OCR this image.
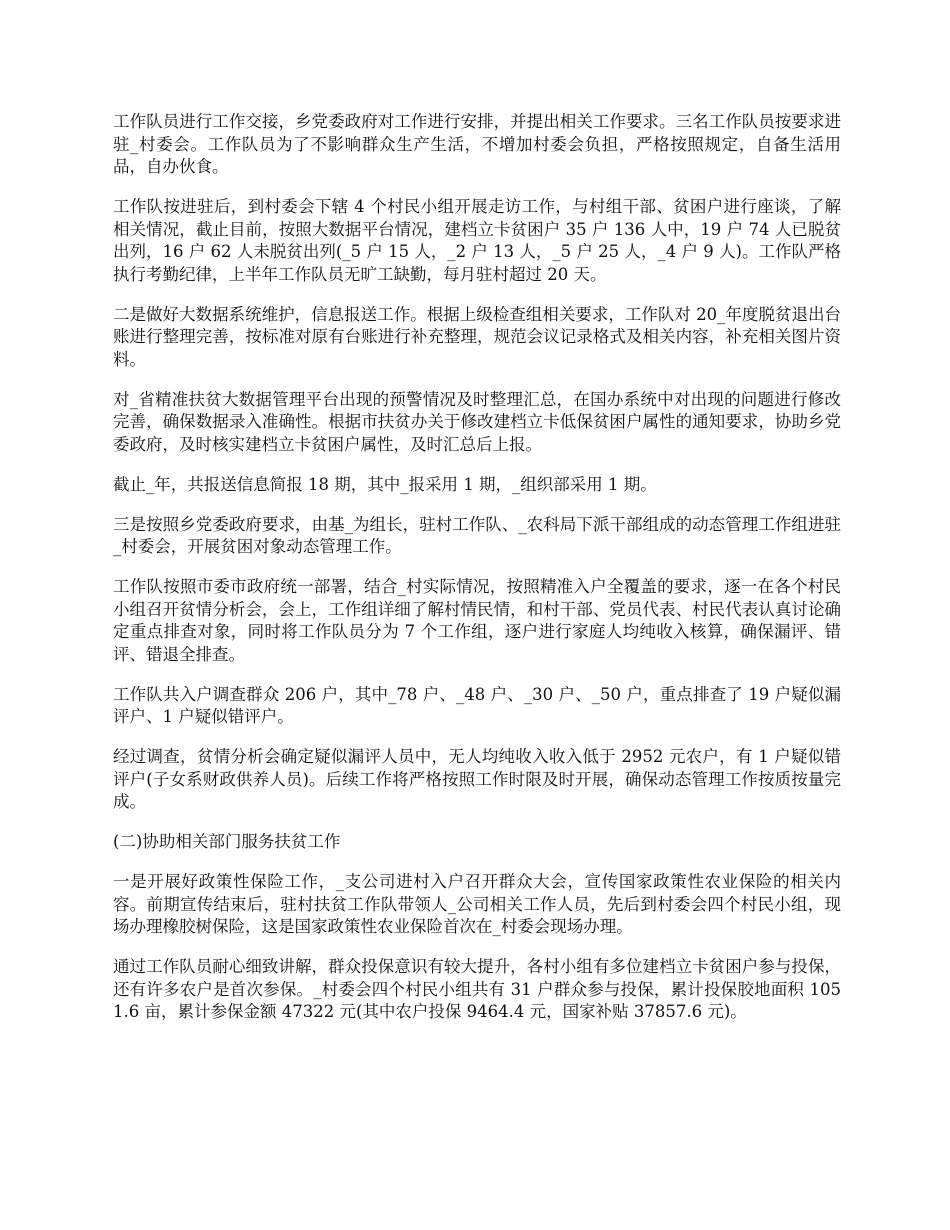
工作队员进行工作交接，乡党委政府对工作进行安排，并提出相关工作要求。三名工作队员按要求进驻_村委会。工作队员为了不影响群众生产生活，不增加村委会负担，严格按照规定，自备生活用品，自办伙食。

工作队按进驻后，到村委会下辖 4 个村民小组开展走访工作，与村组干部、贫困户进行座谈，了解相关情况，截止目前，按照大数据平台情况，建档立卡贫困户 35 户 136 人中，19 户 74 人已脱贫出列，16 户 62 人未脱贫出列(_5 户 15 人，_2 户 13 人，_5 户 25 人，_4 户 9 人)。工作队严格执行考勤纪律，上半年工作队员无旷工缺勤，每月驻村超过 20 天。

二是做好大数据系统维护，信息报送工作。根据上级检查组相关要求，工作队对 20_年度脱贫退出台账进行整理完善，按标准对原有台账进行补充整理，规范会议记录格式及相关内容，补充相关图片资料。

对_省精准扶贫大数据管理平台出现的预警情况及时整理汇总，在国办系统中对出现的问题进行修改完善，确保数据录入准确性。根据市扶贫办关于修改建档立卡低保贫困户属性的通知要求，协助乡党委政府，及时核实建档立卡贫困户属性，及时汇总后上报。

截止_年，共报送信息简报 18 期，其中_报采用 1 期，_组织部采用 1 期。

三是按照乡党委政府要求，由基_为组长，驻村工作队、_农科局下派干部组成的动态管理工作组进驻_村委会，开展贫困对象动态管理工作。

工作队按照市委市政府统一部署，结合_村实际情况，按照精准入户全覆盖的要求，逐一在各个村民小组召开贫情分析会，会上，工作组详细了解村情民情，和村干部、党员代表、村民代表认真讨论确定重点排查对象，同时将工作队员分为 7 个工作组，逐户进行家庭人均纯收入核算，确保漏评、错评、错退全排查。

工作队共入户调查群众 206 户，其中_78 户、_48 户、_30 户、_50 户，重点排查了 19 户疑似漏评户、1 户疑似错评户。

经过调查，贫情分析会确定疑似漏评人员中，无人均纯收入收入低于 2952 元农户，有 1 户疑似错评户(子女系财政供养人员)。后续工作将严格按照工作时限及时开展，确保动态管理工作按质按量完成。

(二)协助相关部门服务扶贫工作

一是开展好政策性保险工作，_支公司进村入户召开群众大会，宣传国家政策性农业保险的相关内容。前期宣传结束后，驻村扶贫工作队带领人_公司相关工作人员，先后到村委会四个村民小组，现场办理橡胶树保险，这是国家政策性农业保险首次在_村委会现场办理。

通过工作队员耐心细致讲解，群众投保意识有较大提升，各村小组有多位建档立卡贫困户参与投保，还有许多农户是首次参保。_村委会四个村民小组共有 31 户群众参与投保，累计投保胶地面积 1051.6 亩，累计参保金额 47322 元(其中农户投保 9464.4 元，国家补贴 37857.6 元)。
